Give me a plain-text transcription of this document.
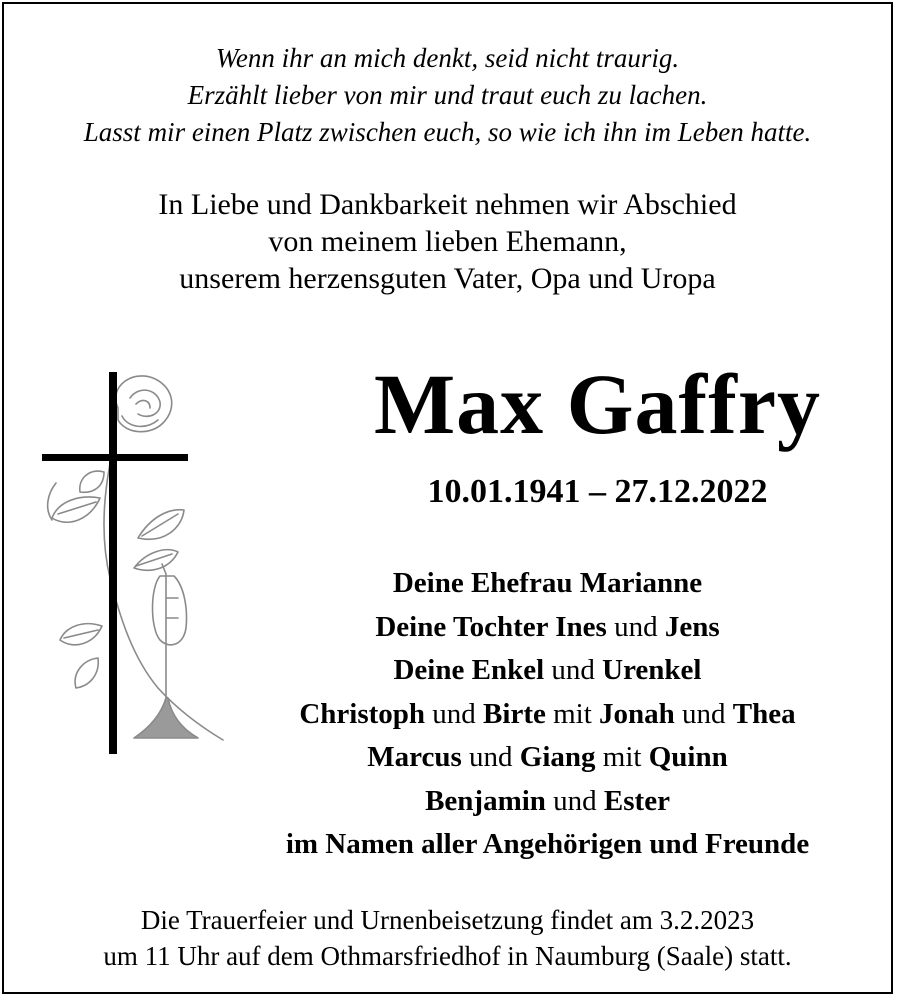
Wenn ihr an mich denkt, seid nicht traurig.
Erzählt lieber von mir und traut euch zu lachen.
Lasst mir einen Platz zwischen euch, so wie ich ihn im Leben hatte.
In Liebe und Dankbarkeit nehmen wir Abschied
von meinem lieben Ehemann,
unserem herzensguten Vater, Opa und Uropa
Max Gaffry
10.01.1941 – 27.12.2022
Deine Ehefrau Marianne
Deine Tochter Ines und Jens
Deine Enkel und Urenkel
Christoph und Birte mit Jonah und Thea
Marcus und Giang mit Quinn
Benjamin und Ester
im Namen aller Angehörigen und Freunde
Die Trauerfeier und Urnenbeisetzung findet am 3.2.2023
um 11 Uhr auf dem Othmarsfriedhof in Naumburg (Saale) statt.
